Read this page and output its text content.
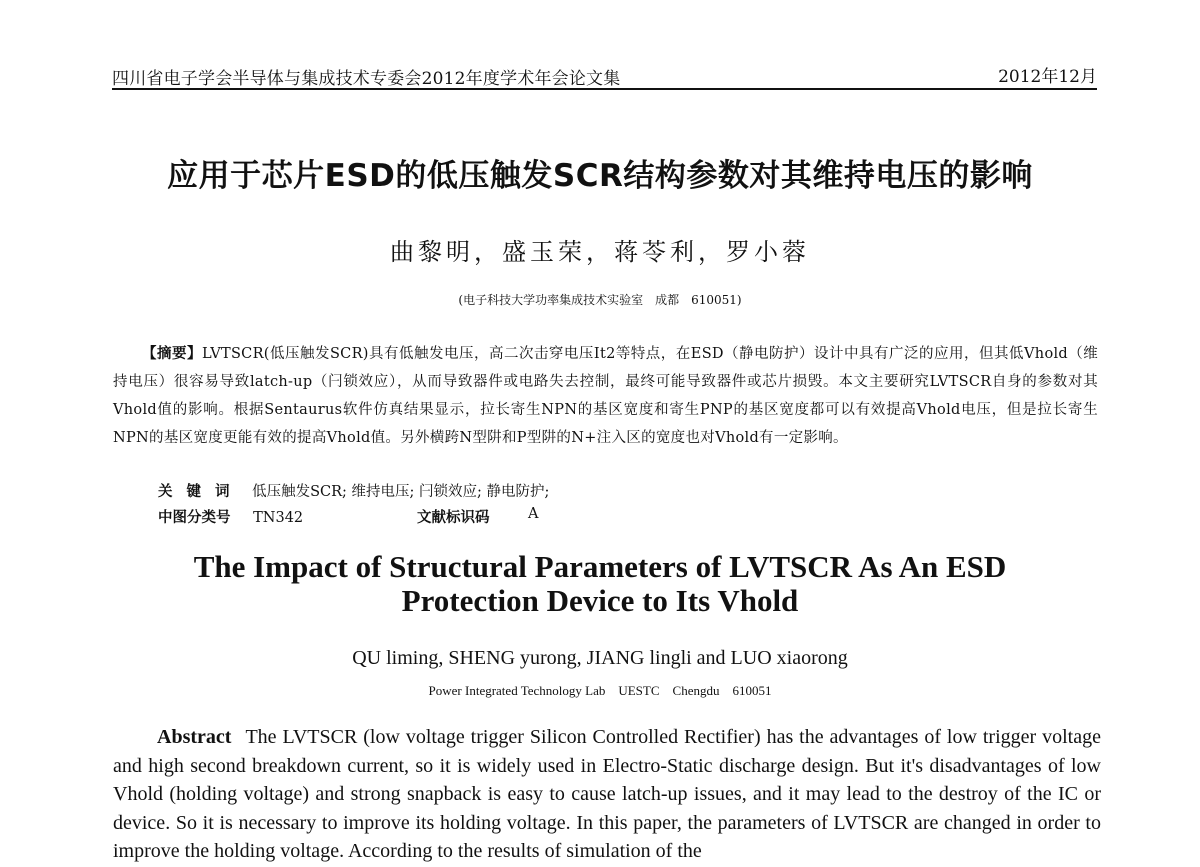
四川省电子学会半导体与集成技术专委会2012年度学术年会论文集	2012年12月
应用于芯片ESD的低压触发SCR结构参数对其维持电压的影响
曲黎明，盛玉荣，蒋苓利，罗小蓉
(电子科技大学功率集成技术实验室　成都　610051)
【摘要】LVTSCR(低压触发SCR)具有低触发电压，高二次击穿电压It2等特点，在ESD（静电防护）设计中具有广泛的应用，但其低Vhold（维持电压）很容易导致latch-up（闩锁效应），从而导致器件或电路失去控制，最终可能导致器件或芯片损毁。本文主要研究LVTSCR自身的参数对其Vhold值的影响。根据Sentaurus软件仿真结果显示，拉长寄生NPN的基区宽度和寄生PNP的基区宽度都可以有效提高Vhold电压，但是拉长寄生NPN的基区宽度更能有效的提高Vhold值。另外横跨N型阱和P型阱的N+注入区的宽度也对Vhold有一定影响。
关键词 低压触发SCR; 维持电压; 闩锁效应; 静电防护;
中图分类号 TN342	文献标识码	A
The Impact of Structural Parameters of LVTSCR As An ESD
Protection Device to Its Vhold
QU liming, SHENG yurong, JIANG lingli and LUO xiaorong
Power Integrated Technology Lab　UESTC　Chengdu　610051
Abstract The LVTSCR (low voltage trigger Silicon Controlled Rectifier) has the advantages of low trigger voltage and high second breakdown current, so it is widely used in Electro-Static discharge design. But it's disadvantages of low Vhold (holding voltage) and strong snapback is easy to cause latch-up issues, and it may lead to the destroy of the IC or device. So it is necessary to improve its holding voltage. In this paper, the parameters of LVTSCR are changed in order to improve the holding voltage. According to the results of simulation of the
